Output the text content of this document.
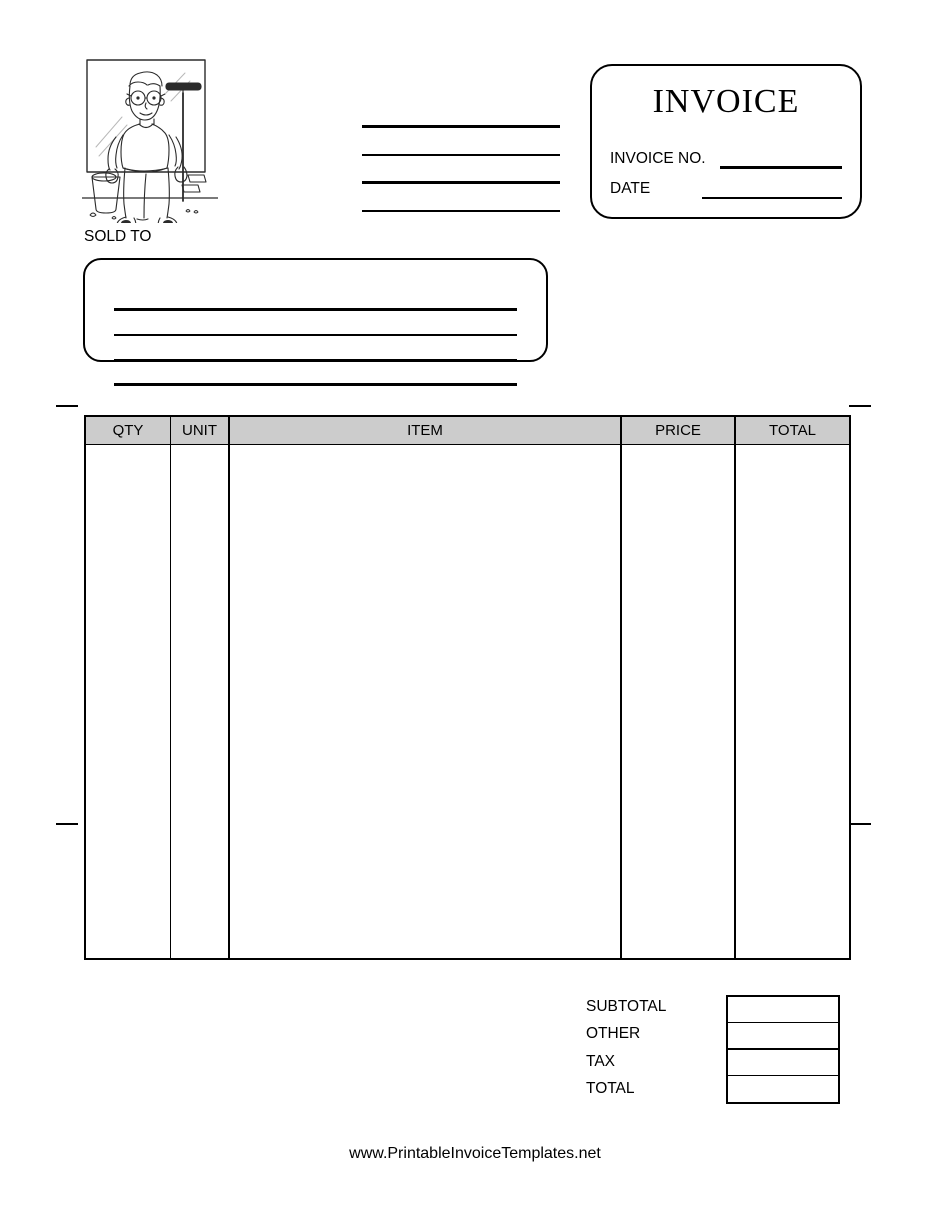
INVOICE
INVOICE NO.
DATE
SOLD TO
QTY	UNIT	ITEM	PRICE	TOTAL

SUBTOTAL
OTHER
TAX
TOTAL
www.PrintableInvoiceTemplates.net
